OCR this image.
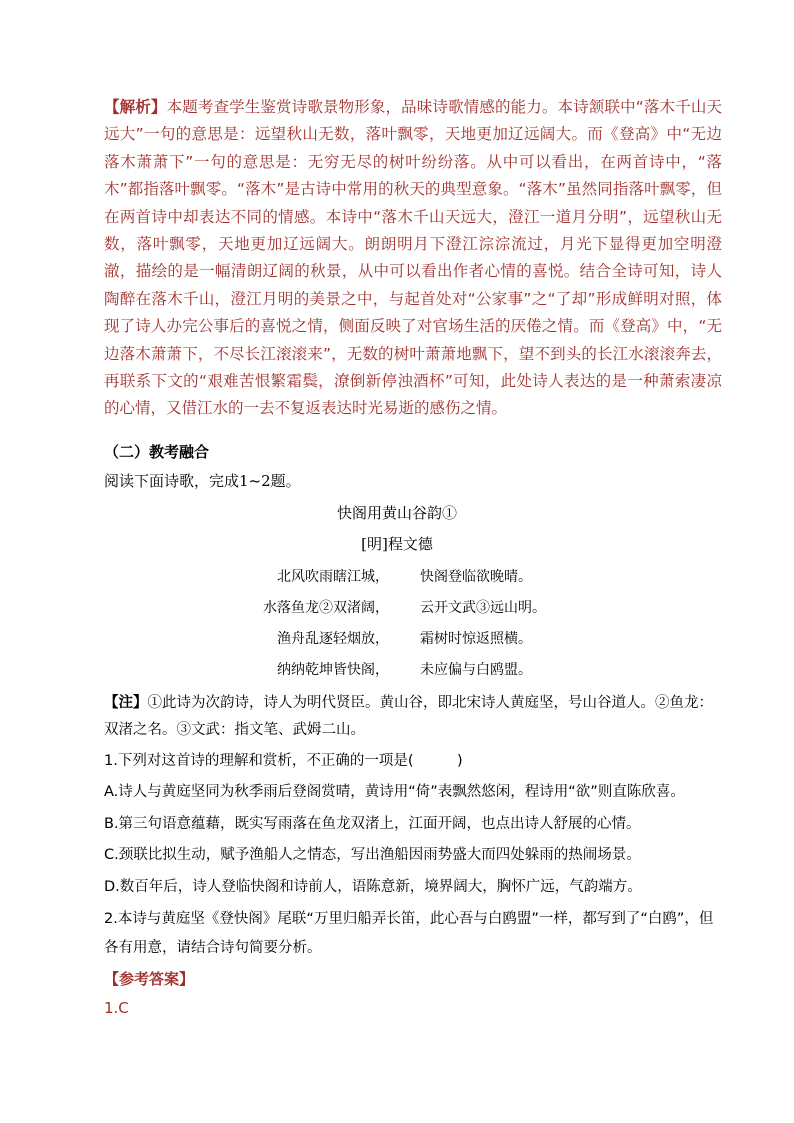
【解析】本题考查学生鉴赏诗歌景物形象，品味诗歌情感的能力。本诗颔联中“落木千山天远大”一句的意思是：远望秋山无数，落叶飘零，天地更加辽远阔大。而《登高》中“无边落木萧萧下”一句的意思是：无穷无尽的树叶纷纷落。从中可以看出，在两首诗中，“落木”都指落叶飘零。“落木”是古诗中常用的秋天的典型意象。“落木”虽然同指落叶飘零，但在两首诗中却表达不同的情感。本诗中“落木千山天远大，澄江一道月分明”，远望秋山无数，落叶飘零，天地更加辽远阔大。朗朗明月下澄江淙淙流过，月光下显得更加空明澄澈，描绘的是一幅清朗辽阔的秋景，从中可以看出作者心情的喜悦。结合全诗可知，诗人陶醉在落木千山，澄江月明的美景之中，与起首处对“公家事”之“了却”形成鲜明对照，体现了诗人办完公事后的喜悦之情，侧面反映了对官场生活的厌倦之情。而《登高》中，“无边落木萧萧下，不尽长江滚滚来”，无数的树叶萧萧地飘下，望不到头的长江水滚滚奔去，再联系下文的“艰难苦恨繁霜鬓，潦倒新停浊酒杯”可知，此处诗人表达的是一种萧索凄凉的心情，又借江水的一去不复返表达时光易逝的感伤之情。
（二）教考融合
阅读下面诗歌，完成1~2题。
快阁用黄山谷韵①
[明]程文德
北风吹雨瞎江城， 快阁登临欲晚晴。
水落鱼龙②双渚阔， 云开文武③远山明。
渔舟乱逐轻烟放， 霜树时惊返照横。
纳纳乾坤皆快阁， 未应偏与白鸥盟。
【注】①此诗为次韵诗，诗人为明代贤臣。黄山谷，即北宋诗人黄庭坚，号山谷道人。②鱼龙：双渚之名。③文武：指文笔、武姆二山。
1.下列对这首诗的理解和赏析，不正确的一项是(　　　)
A.诗人与黄庭坚同为秋季雨后登阁赏晴，黄诗用“倚”表飘然悠闲，程诗用“欲”则直陈欣喜。
B.第三句语意蕴藉，既实写雨落在鱼龙双渚上，江面开阔，也点出诗人舒展的心情。
C.颈联比拟生动，赋予渔船人之情态，写出渔船因雨势盛大而四处躲雨的热闹场景。
D.数百年后，诗人登临快阁和诗前人，语陈意新，境界阔大，胸怀广远，气韵端方。
2.本诗与黄庭坚《登快阁》尾联“万里归船弄长笛，此心吾与白鸥盟”一样，都写到了“白鸥”，但各有用意，请结合诗句简要分析。
【参考答案】
1.C
